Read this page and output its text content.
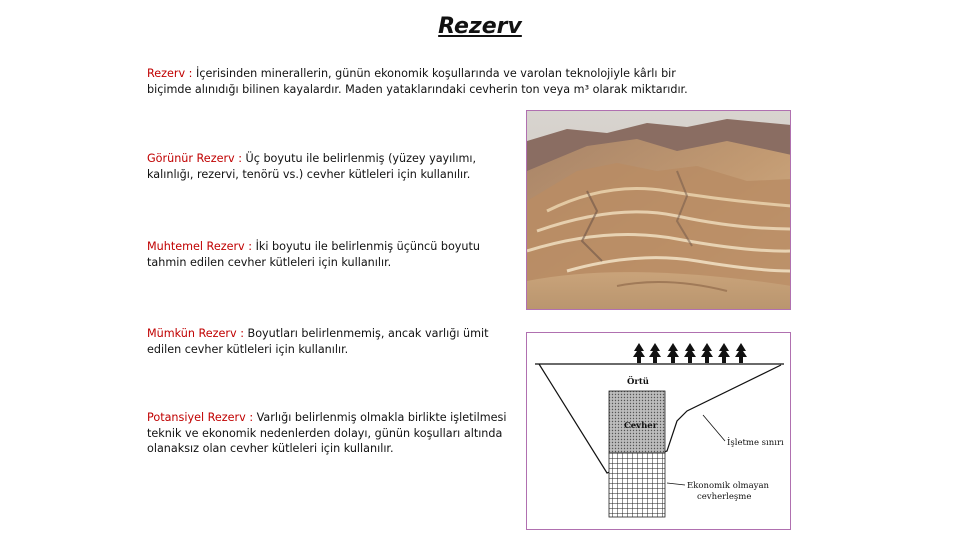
Rezerv

Rezerv : İçerisinden minerallerin, günün ekonomik koşullarında ve varolan teknolojiyle kârlı bir biçimde alınıdığı bilinen kayalardır. Maden yataklarındaki cevherin ton veya m³ olarak miktarıdır.

Görünür Rezerv : Üç boyutu ile belirlenmiş (yüzey yayılımı, kalınlığı, rezervi, tenörü vs.) cevher kütleleri için kullanılır.

Muhtemel Rezerv : İki boyutu ile belirlenmiş üçüncü boyutu tahmin edilen cevher kütleleri için kullanılır.

Mümkün Rezerv : Boyutları belirlenmemiş, ancak varlığı ümit edilen cevher kütleleri için kullanılır.

Potansiyel Rezerv : Varlığı belirlenmiş olmakla birlikte işletilmesi teknik ve ekonomik nedenlerden dolayı, günün koşulları altında olanaksız olan cevher kütleleri için kullanılır.

Örtü
Cevher
İşletme sınırı
Ekonomik olmayan
cevherleşme
